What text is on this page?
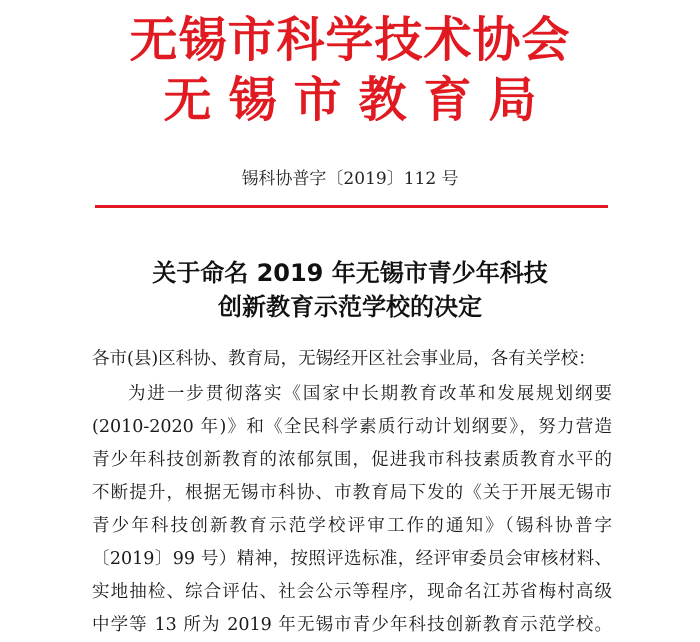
无锡市科学技术协会
无锡市教育局
锡科协普字〔2019〕112 号
关于命名 2019 年无锡市青少年科技
创新教育示范学校的决定
各市(县)区科协、教育局，无锡经开区社会事业局，各有关学校：
为进一步贯彻落实《国家中长期教育改革和发展规划纲要
(2010-2020 年)》和《全民科学素质行动计划纲要》，努力营造
青少年科技创新教育的浓郁氛围，促进我市科技素质教育水平的
不断提升，根据无锡市科协、市教育局下发的《关于开展无锡市
青少年科技创新教育示范学校评审工作的通知》（锡科协普字
〔2019〕99 号）精神，按照评选标准，经评审委员会审核材料、
实地抽检、综合评估、社会公示等程序，现命名江苏省梅村高级
中学等 13 所为 2019 年无锡市青少年科技创新教育示范学校。
